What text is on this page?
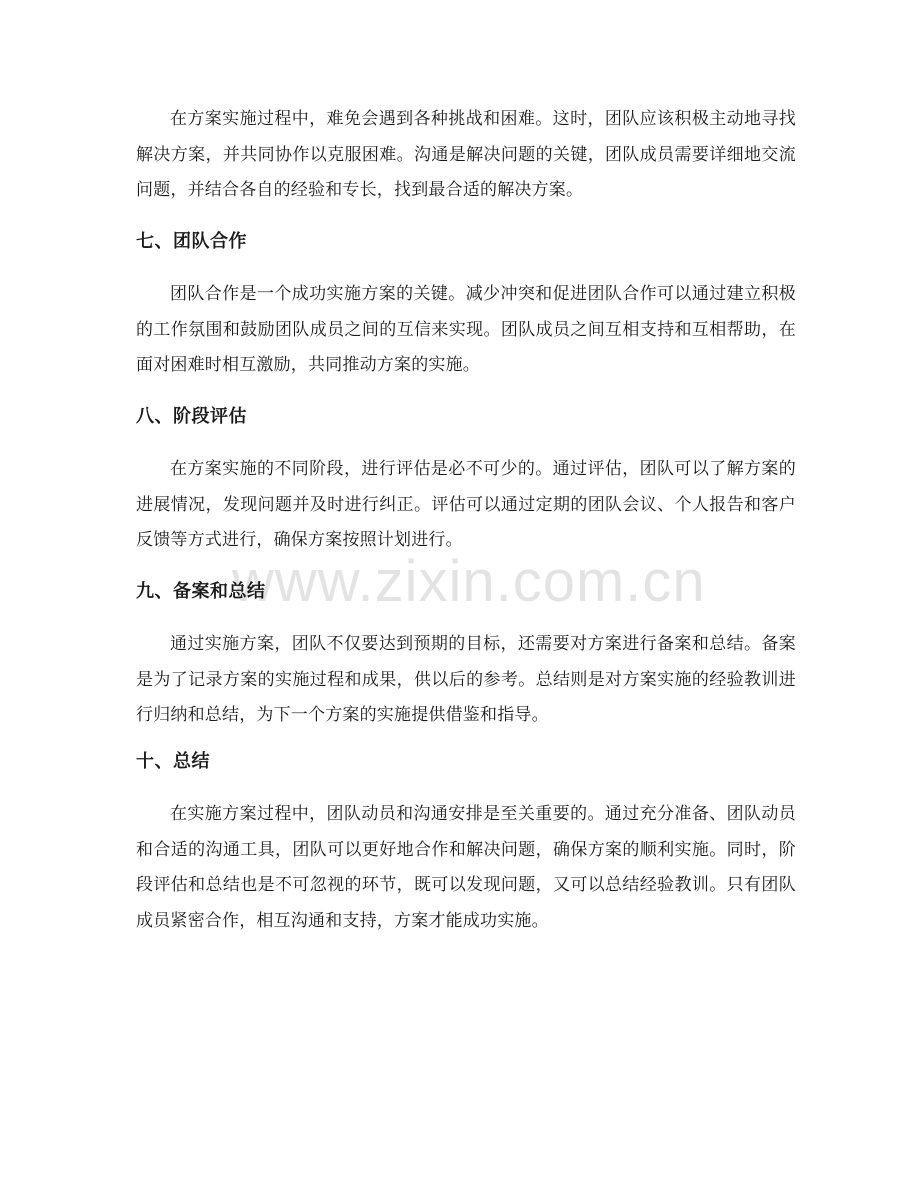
在方案实施过程中，难免会遇到各种挑战和困难。这时，团队应该积极主动地寻找解决方案，并共同协作以克服困难。沟通是解决问题的关键，团队成员需要详细地交流问题，并结合各自的经验和专长，找到最合适的解决方案。

七、团队合作

团队合作是一个成功实施方案的关键。减少冲突和促进团队合作可以通过建立积极的工作氛围和鼓励团队成员之间的互信来实现。团队成员之间互相支持和互相帮助，在面对困难时相互激励，共同推动方案的实施。

八、阶段评估

在方案实施的不同阶段，进行评估是必不可少的。通过评估，团队可以了解方案的进展情况，发现问题并及时进行纠正。评估可以通过定期的团队会议、个人报告和客户反馈等方式进行，确保方案按照计划进行。

九、备案和总结

通过实施方案，团队不仅要达到预期的目标，还需要对方案进行备案和总结。备案是为了记录方案的实施过程和成果，供以后的参考。总结则是对方案实施的经验教训进行归纳和总结，为下一个方案的实施提供借鉴和指导。

十、总结

在实施方案过程中，团队动员和沟通安排是至关重要的。通过充分准备、团队动员和合适的沟通工具，团队可以更好地合作和解决问题，确保方案的顺利实施。同时，阶段评估和总结也是不可忽视的环节，既可以发现问题，又可以总结经验教训。只有团队成员紧密合作，相互沟通和支持，方案才能成功实施。

www.zixin.com.cn
